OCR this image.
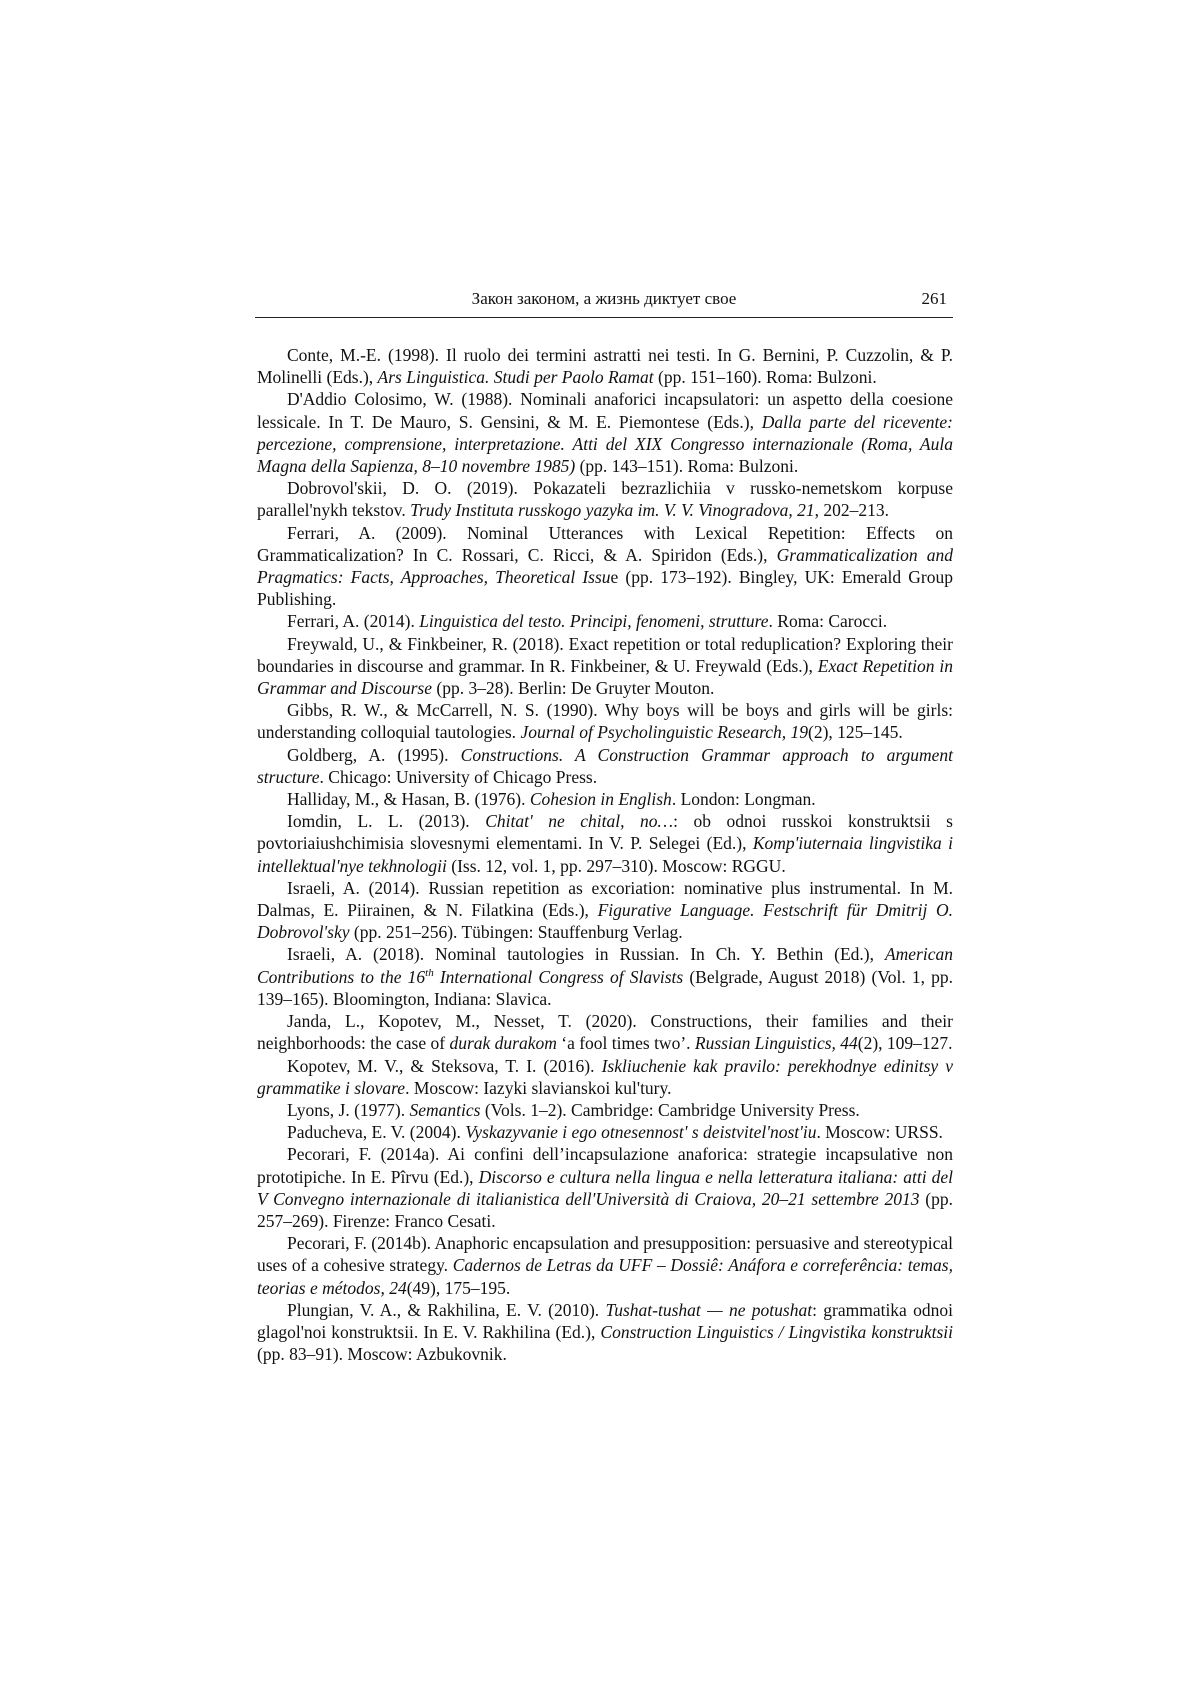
Закон законом, а жизнь диктует свое	261

Conte, M.-E. (1998). Il ruolo dei termini astratti nei testi. In G. Bernini, P. Cuzzolin, & P. Molinelli (Eds.), Ars Linguistica. Studi per Paolo Ramat (pp. 151–160). Roma: Bulzoni.

D'Addio Colosimo, W. (1988). Nominali anaforici incapsulatori: un aspetto della coesione lessicale. In T. De Mauro, S. Gensini, & M. E. Piemontese (Eds.), Dalla parte del ricevente: percezione, comprensione, interpretazione. Atti del XIX Congresso internazionale (Roma, Aula Magna della Sapienza, 8–10 novembre 1985) (pp. 143–151). Roma: Bulzoni.

Dobrovol'skii, D. O. (2019). Pokazateli bezrazlichiia v russko-nemetskom korpuse parallel'nykh tekstov. Trudy Instituta russkogo yazyka im. V. V. Vinogradova, 21, 202–213.

Ferrari, A. (2009). Nominal Utterances with Lexical Repetition: Effects on Grammaticalization? In C. Rossari, C. Ricci, & A. Spiridon (Eds.), Grammaticalization and Pragmatics: Facts, Approaches, Theoretical Issue (pp. 173–192). Bingley, UK: Emerald Group Publishing.

Ferrari, A. (2014). Linguistica del testo. Principi, fenomeni, strutture. Roma: Carocci.

Freywald, U., & Finkbeiner, R. (2018). Exact repetition or total reduplication? Exploring their boundaries in discourse and grammar. In R. Finkbeiner, & U. Freywald (Eds.), Exact Repetition in Grammar and Discourse (pp. 3–28). Berlin: De Gruyter Mouton.

Gibbs, R. W., & McCarrell, N. S. (1990). Why boys will be boys and girls will be girls: understanding colloquial tautologies. Journal of Psycholinguistic Research, 19(2), 125–145.

Goldberg, A. (1995). Constructions. A Construction Grammar approach to argument structure. Chicago: University of Chicago Press.

Halliday, M., & Hasan, B. (1976). Cohesion in English. London: Longman.

Iomdin, L. L. (2013). Chitat' ne chital, no…: ob odnoi russkoi konstruktsii s povtoriaiushchimisia slovesnymi elementami. In V. P. Selegei (Ed.), Komp'iuternaia lingvistika i intellektual'nye tekhnologii (Iss. 12, vol. 1, pp. 297–310). Moscow: RGGU.

Israeli, A. (2014). Russian repetition as excoriation: nominative plus instrumental. In M. Dalmas, E. Piirainen, & N. Filatkina (Eds.), Figurative Language. Festschrift für Dmitrij O. Dobrovol'sky (pp. 251–256). Tübingen: Stauffenburg Verlag.

Israeli, A. (2018). Nominal tautologies in Russian. In Ch. Y. Bethin (Ed.), American Contributions to the 16th International Congress of Slavists (Belgrade, August 2018) (Vol. 1, pp. 139–165). Bloomington, Indiana: Slavica.

Janda, L., Kopotev, M., Nesset, T. (2020). Constructions, their families and their neighborhoods: the case of durak durakom ‘a fool times two’. Russian Linguistics, 44(2), 109–127.

Kopotev, M. V., & Steksova, T. I. (2016). Iskliuchenie kak pravilo: perekhodnye edinitsy v grammatike i slovare. Moscow: Iazyki slavianskoi kul'tury.

Lyons, J. (1977). Semantics (Vols. 1–2). Cambridge: Cambridge University Press.

Paducheva, E. V. (2004). Vyskazyvanie i ego otnesennost' s deistvitel'nost'iu. Moscow: URSS.

Pecorari, F. (2014a). Ai confini dell’incapsulazione anaforica: strategie incapsulative non prototipiche. In E. Pîrvu (Ed.), Discorso e cultura nella lingua e nella letteratura italiana: atti del V Convegno internazionale di italianistica dell'Università di Craiova, 20–21 settembre 2013 (pp. 257–269). Firenze: Franco Cesati.

Pecorari, F. (2014b). Anaphoric encapsulation and presupposition: persuasive and stereotypical uses of a cohesive strategy. Cadernos de Letras da UFF – Dossiê: Anáfora e correferência: temas, teorias e métodos, 24(49), 175–195.

Plungian, V. A., & Rakhilina, E. V. (2010). Tushat-tushat — ne potushat: grammatika odnoi glagol'noi konstruktsii. In E. V. Rakhilina (Ed.), Construction Linguistics / Lingvistika konstruktsii (pp. 83–91). Moscow: Azbukovnik.
